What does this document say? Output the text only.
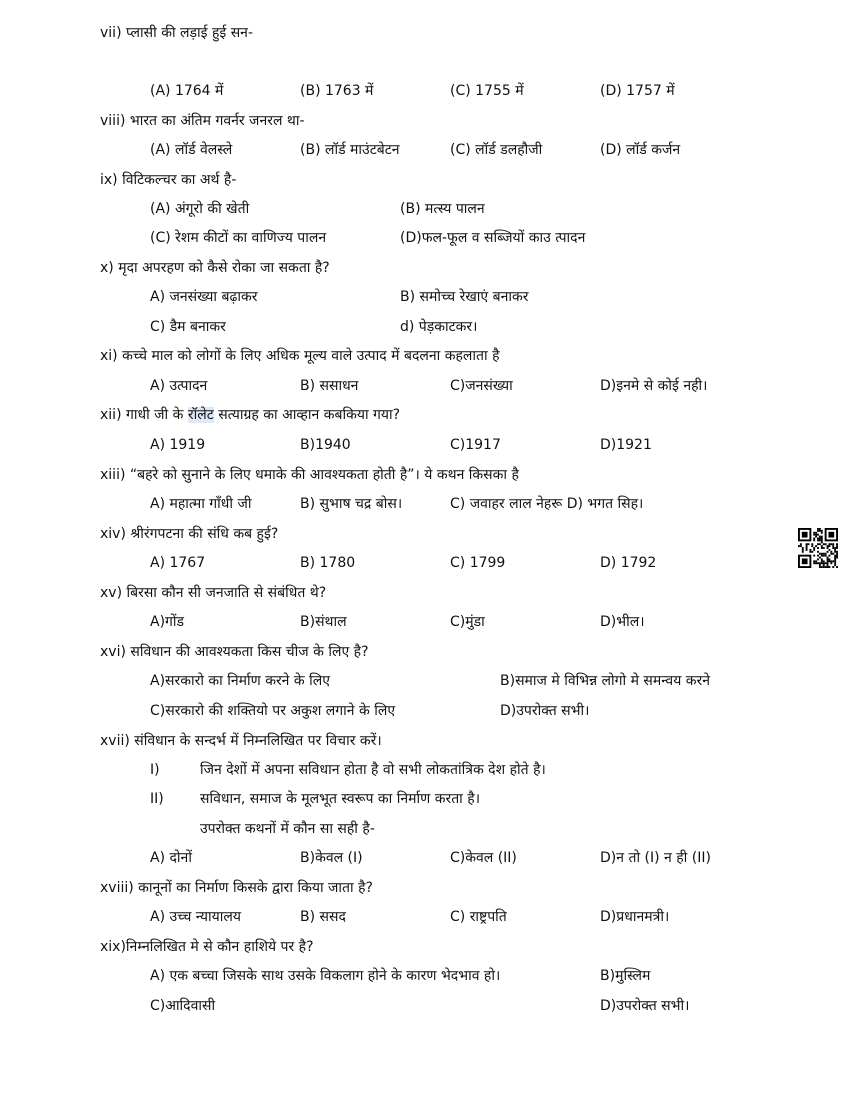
vii) प्लासी की लड़ाई हुई सन-
(A) 1764 में	(B) 1763 में	(C) 1755 में	(D) 1757 में
viii) भारत का अंतिम गवर्नर जनरल था-
(A) लॉर्ड वेलस्ले	(B) लॉर्ड माउंटबेटन	(C) लॉर्ड डलहौजी	(D) लॉर्ड कर्जन
ix) विटिकल्चर का अर्थ है-
(A) अंगूरो की खेती	(B) मत्स्य पालन
(C) रेशम कीटों का वाणिज्य पालन	(D)फल-फूल व सब्जियों काउ त्पादन
x) मृदा अपरहण को कैसे रोका जा सकता है?
A) जनसंख्या बढ़ाकर	B) समोच्च रेखाएं बनाकर
C) डैम बनाकर	d) पेड़काटकर।
xi) कच्चे माल को लोगों के लिए अधिक मूल्य वाले उत्पाद में बदलना कहलाता है
A) उत्पादन	B) ससाधन	C)जनसंख्या	D)इनमे से कोई नही।
xii) गाधी जी के रॉलेट सत्याग्रह का आव्हान कबकिया गया?
A) 1919	B)1940	C)1917	D)1921
xiii) “बहरे को सुनाने के लिए धमाके की आवश्यकता होती है”। ये कथन किसका है
A) महात्मा गाँधी जी	B) सुभाष चद्र बोस।	C) जवाहर लाल नेहरू D) भगत सिह।
xiv) श्रीरंगपटना की संधि कब हुई?
A) 1767	B) 1780	C) 1799	D) 1792
xv) बिरसा कौन सी जनजाति से संबंधित थे?
A)गोंड	B)संथाल	C)मुंडा	D)भील।
xvi) सविधान की आवश्यकता किस चीज के लिए है?
A)सरकारो का निर्माण करने के लिए	B)समाज मे विभिन्न लोगो मे समन्वय करने
C)सरकारो की शक्तियो पर अकुश लगाने के लिए	D)उपरोक्त सभी।
xvii) संविधान के सन्दर्भ में निम्नलिखित पर विचार करें।
I)	जिन देशों में अपना सविधान होता है वो सभी लोकतांत्रिक देश होते है।
II)	सविधान, समाज के मूलभूत स्वरूप का निर्माण करता है।
उपरोक्त कथनों में कौन सा सही है-
A) दोनों	B)केवल (I)	C)केवल (II)	D)न तो (I) न ही (II)
xviii) कानूनों का निर्माण किसके द्वारा किया जाता है?
A) उच्च न्यायालय	B) ससद	C) राष्ट्रपति	D)प्रधानमत्री।
xix)निम्नलिखित मे से कौन हाशिये पर है?
A) एक बच्चा जिसके साथ उसके विकलाग होने के कारण भेदभाव हो।	B)मुस्लिम
C)आदिवासी	D)उपरोक्त सभी।
